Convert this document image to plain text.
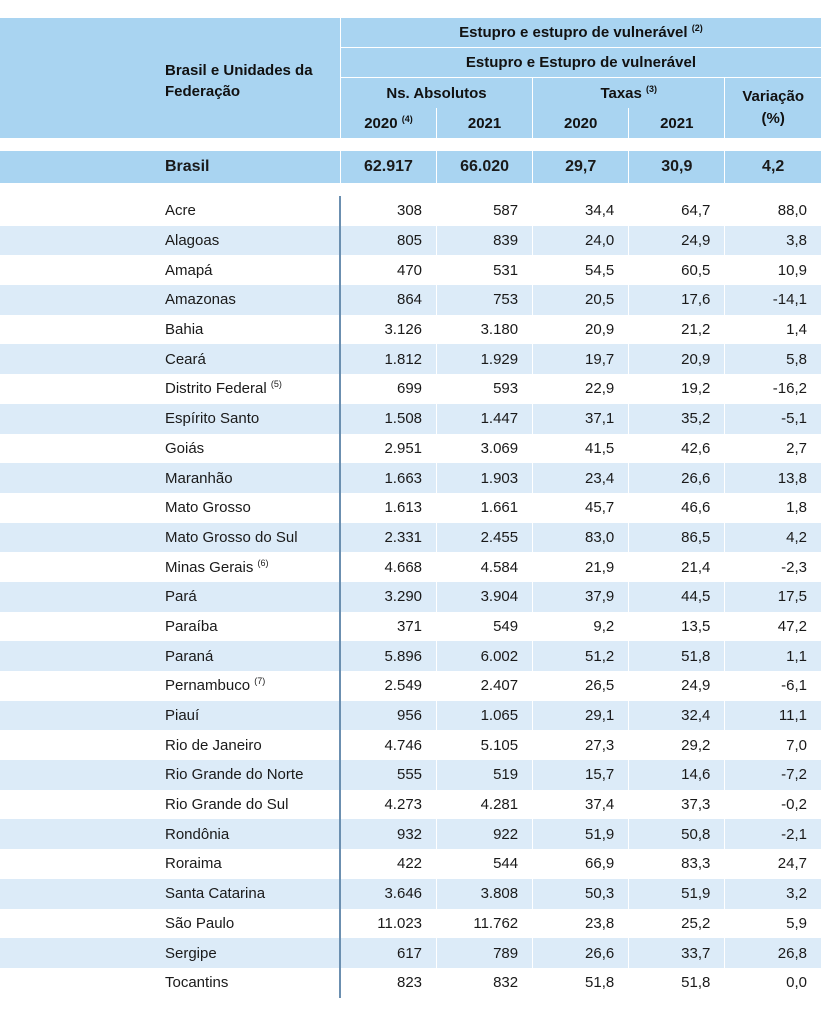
Brasil e Unidades da
Federação	Estupro e estupro de vulnerável $^{(2)}$
	Estupro e Estupro de vulnerável				
	Ns. Absolutos		Taxas $^{(3)}$		Variação
(%)
	2020 $^{(4)}$	2021	2020	2021	

Brasil	62.917	66.020	29,7	30,9	4,2

Acre	308	587	34,4	64,7	88,0
Alagoas	805	839	24,0	24,9	3,8
Amapá	470	531	54,5	60,5	10,9
Amazonas	864	753	20,5	17,6	-14,1
Bahia	3.126	3.180	20,9	21,2	1,4
Ceará	1.812	1.929	19,7	20,9	5,8
Distrito Federal $^{(5)}$	699	593	22,9	19,2	-16,2
Espírito Santo	1.508	1.447	37,1	35,2	-5,1
Goiás	2.951	3.069	41,5	42,6	2,7
Maranhão	1.663	1.903	23,4	26,6	13,8
Mato Grosso	1.613	1.661	45,7	46,6	1,8
Mato Grosso do Sul	2.331	2.455	83,0	86,5	4,2
Minas Gerais $^{(6)}$	4.668	4.584	21,9	21,4	-2,3
Pará	3.290	3.904	37,9	44,5	17,5
Paraíba	371	549	9,2	13,5	47,2
Paraná	5.896	6.002	51,2	51,8	1,1
Pernambuco $^{(7)}$	2.549	2.407	26,5	24,9	-6,1
Piauí	956	1.065	29,1	32,4	11,1
Rio de Janeiro	4.746	5.105	27,3	29,2	7,0
Rio Grande do Norte	555	519	15,7	14,6	-7,2
Rio Grande do Sul	4.273	4.281	37,4	37,3	-0,2
Rondônia	932	922	51,9	50,8	-2,1
Roraima	422	544	66,9	83,3	24,7
Santa Catarina	3.646	3.808	50,3	51,9	3,2
São Paulo	11.023	11.762	23,8	25,2	5,9
Sergipe	617	789	26,6	33,7	26,8
Tocantins	823	832	51,8	51,8	0,0
